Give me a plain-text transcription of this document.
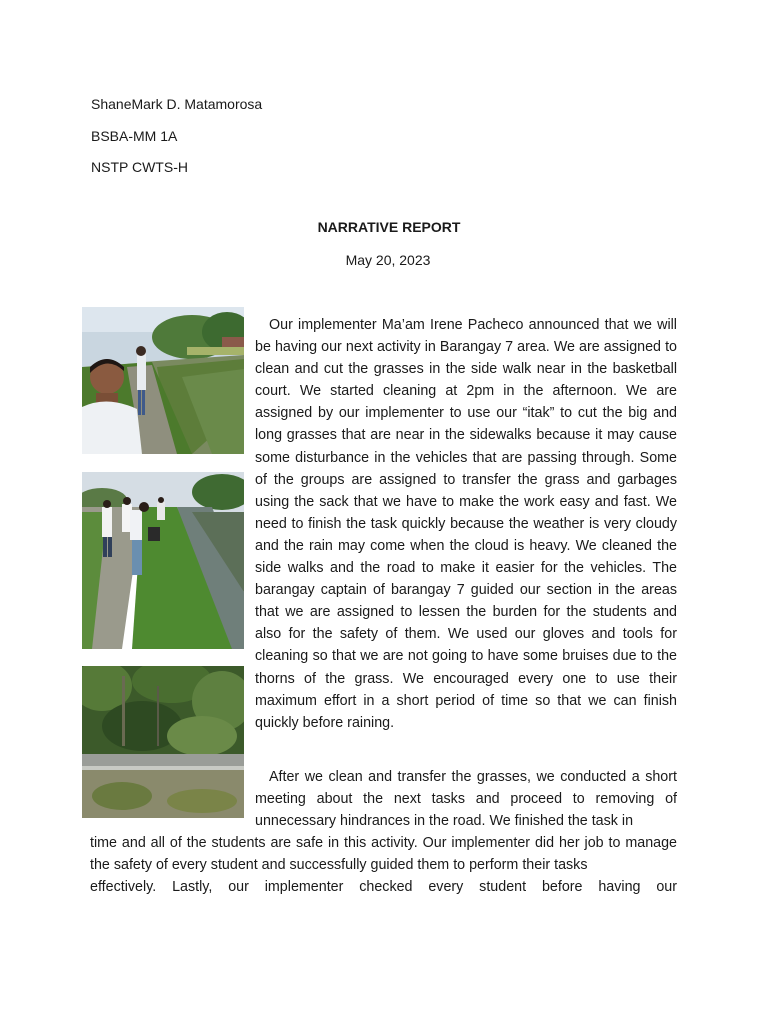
ShaneMark D. Matamorosa
BSBA-MM 1A
NSTP CWTS-H
NARRATIVE REPORT
May 20, 2023

Our implementer Ma’am Irene Pacheco announced that we will be having our next activity in Barangay 7 area. We are assigned to clean and cut the grasses in the side walk near in the basketball court. We started cleaning at 2pm in the afternoon. We are assigned by our implementer to use our “itak” to cut the big and long grasses that are near in the sidewalks because it may cause some disturbance in the vehicles that are passing through. Some of the groups are assigned to transfer the grass and garbages using the sack that we have to make the work easy and fast. We need to finish the task quickly because the weather is very cloudy and the rain may come when the cloud is heavy. We cleaned the side walks and the road to make it easier for the vehicles. The barangay captain of barangay 7 guided our section in the areas that we are assigned to lessen the burden for the students and also for the safety of them. We used our gloves and tools for cleaning so that we are not going to have some bruises due to the thorns of the grass. We encouraged every one to use their maximum effort in a short period of time so that we can finish quickly before raining.

After we clean and transfer the grasses, we conducted a short meeting about the next tasks and proceed to removing of unnecessary hindrances in the road. We finished the task in

time and all of the students are safe in this activity. Our implementer did her job to manage the safety of every student and successfully guided them to perform their tasks
effectively. Lastly, our implementer checked every student before having our
